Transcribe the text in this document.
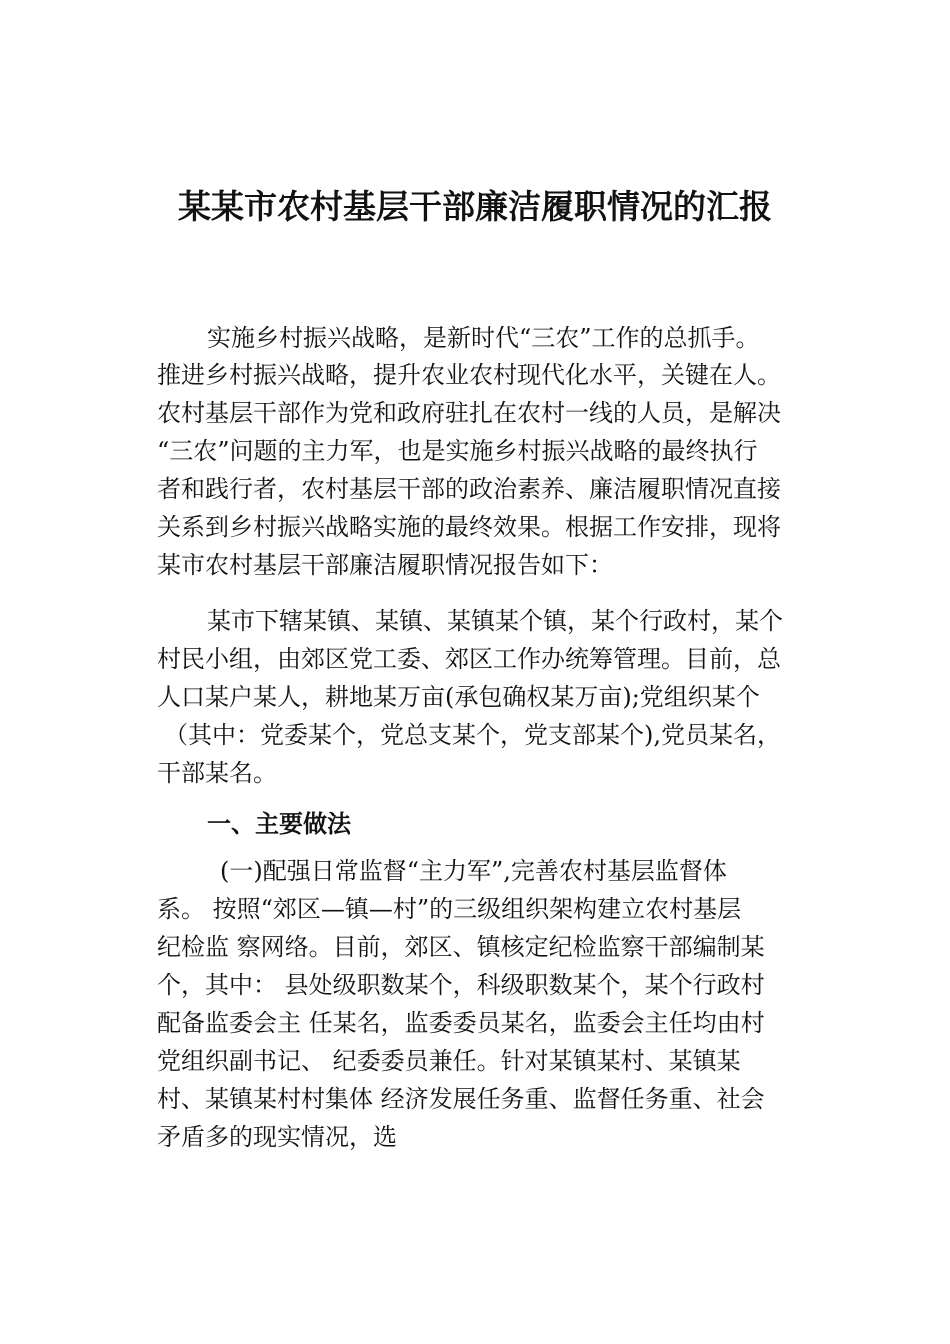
某某市农村基层干部廉洁履职情况的汇报
实施乡村振兴战略，是新时代“三农”工作的总抓手。
推进乡村振兴战略，提升农业农村现代化水平，关键在人。
农村基层干部作为党和政府驻扎在农村一线的人员，是解决
“三农”问题的主力军，也是实施乡村振兴战略的最终执行
者和践行者，农村基层干部的政治素养、廉洁履职情况直接
关系到乡村振兴战略实施的最终效果。根据工作安排，现将
某市农村基层干部廉洁履职情况报告如下：
某市下辖某镇、某镇、某镇某个镇，某个行政村，某个
村民小组，由郊区党工委、郊区工作办统筹管理。目前，总
人口某户某人，耕地某万亩(承包确权某万亩);党组织某个
（其中：党委某个，党总支某个，党支部某个),党员某名，
干部某名。
一、主要做法
(一)配强日常监督“主力军”,完善农村基层监督体
系。 按照“郊区—镇—村”的三级组织架构建立农村基层
纪检监 察网络。目前，郊区、镇核定纪检监察干部编制某
个，其中： 县处级职数某个，科级职数某个，某个行政村
配备监委会主 任某名，监委委员某名，监委会主任均由村
党组织副书记、 纪委委员兼任。针对某镇某村、某镇某
村、某镇某村村集体 经济发展任务重、监督任务重、社会
矛盾多的现实情况，选
